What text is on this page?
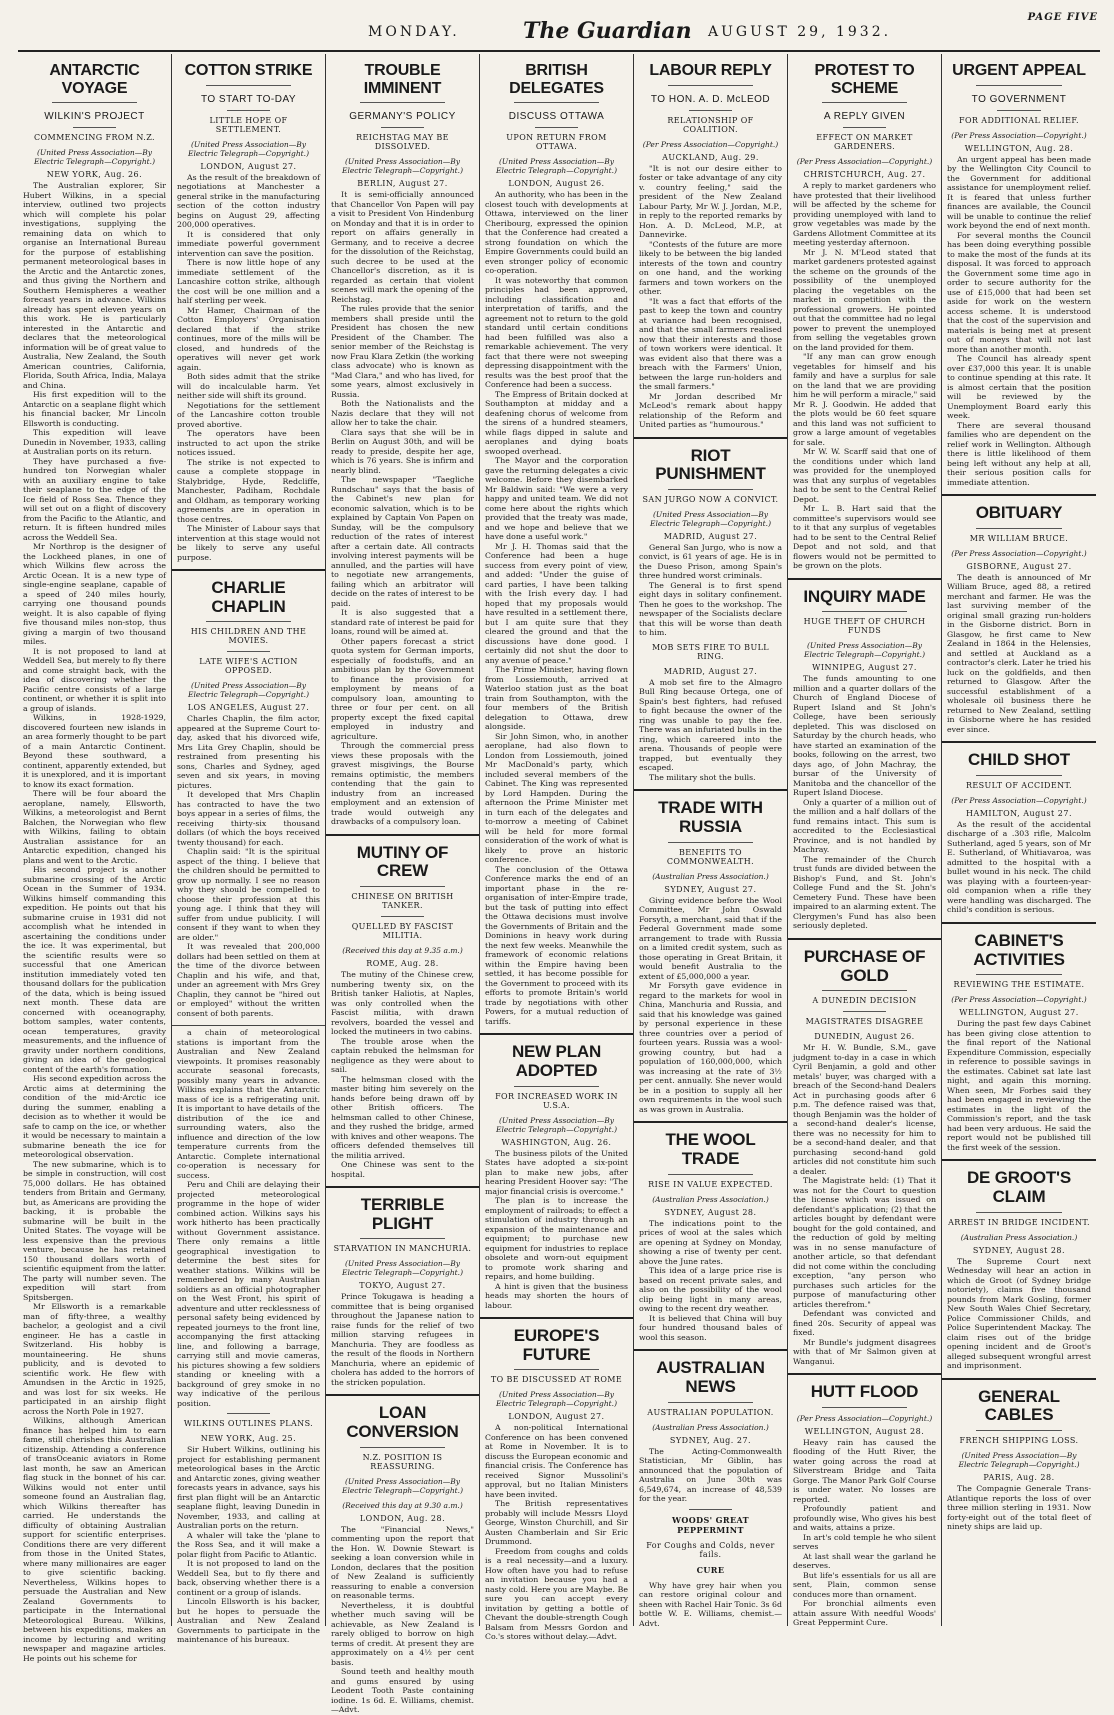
MONDAY.	The Guardian AUGUST 29, 1932.
PAGE FIVE
ANTARCTIC VOYAGE
WILKIN'S PROJECT
COMMENCING FROM N.Z.
(United Press Association—By Electric Telegraph—Copyright.)
NEW YORK, Aug. 26.

The Australian explorer, Sir Hubert Wilkins, in a special interview, outlined two projects which will complete his polar investigations, supplying the remaining data on which to organise an International Bureau for the purpose of establishing permanent meteorological bases in the Arctic and the Antarctic zones, and thus giving the Northern and Southern Hemispheres a weather forecast years in advance. Wilkins already has spent eleven years on this work. He is particularly interested in the Antarctic and declares that the meteorological information will be of great value to Australia, New Zealand, the South American countries, California, Florida, South Africa, India, Malaya and China.

His first expedition will to the Antarctic on a seaplane flight which his financial backer, Mr Lincoln Ellsworth is conducting.

This expedition will leave Dunedin in November, 1933, calling at Australian ports on its return.

They have purchased a five-hundred ton Norwegian whaler with an auxiliary engine to take their seaplane to the edge of the Ice field of Ross Sea. Thence they will set out on a flight of discovery from the Pacific to the Atlantic, and return. It is fifteen hundred miles across the Weddell Sea.

Mr Northrop is the designer of the Lockheed planes, in one of which Wilkins flew across the Arctic Ocean. It is a new type of single-engine seaplane, capable of a speed of 240 miles hourly, carrying one thousand pounds weight. It is also capable of flying five thousand miles non-stop, thus giving a margin of two thousand miles.

It is not proposed to land at Weddell Sea, but merely to fly there and come straight back, with the idea of discovering whether the Pacific centre consists of a large continent, or whether it is split into a group of islands.

Wilkins, in 1928-1929, discovered fourteen new islands in an area formerly thought to be part of a main Antarctic Continent. Beyond these southward, a continent, apparently extended, but it is unexplored, and it is important to know its exact formation.

There will be four aboard the aeroplane, namely, Ellsworth, Wilkins, a meteorologist and Bernt Balchen, the Norwegian who flew with Wilkins, failing to obtain Australian assistance for an Antarctic expedition, changed his plans and went to the Arctic.

His second project is another submarine crossing of the Arctic Ocean in the Summer of 1934. Wilkins himself commanding this expedition. He points out that his submarine cruise in 1931 did not accomplish what he intended in ascertaining the conditions under the ice. It was experimental, but the scientific results were so successful that one American institution immediately voted ten thousand dollars for the publication of the data, which is being issued next month. These data are concerned with oceanography, bottom samples, water contents, ocean temperatures, gravity measurements, and the influence of gravity under northern conditions, giving an idea of the geological content of the earth's formation.

His second expedition across the Arctic aims at determining the condition of the mid-Arctic ice during the summer, enabling a decision as to whether it would be safe to camp on the ice, or whether it would be necessary to maintain a submarine beneath the ice for meteorological observation.

The new submarine, which is to be simple in construction, will cost 75,000 dollars. He has obtained tenders from Britain and Germany, but, as Americans are providing the backing, it is probable the submarine will be built in the United States. The voyage will be less expensive than the previous venture, because he has retained 150 thousand dollars worth of scientific equipment from the latter. The party will number seven. The expedition will start from Spitsbergen.

Mr Ellsworth is a remarkable man of fifty-three, a wealthy bachelor, a geologist and a civil engineer. He has a castle in Switzerland. His hobby is mountaineering. He shuns publicity, and is devoted to scientific work. He flew with Amundsen in the Arctic in 1925, and was lost for six weeks. He participated in an airship flight across the North Pole in 1927.

Wilkins, although American finance has helped him to earn fame, still cherishes this Australian citizenship. Attending a conference of transOceanic aviators in Rome last month, he saw an American flag stuck in the bonnet of his car. Wilkins would not enter until someone found an Australian flag, which Wilkins thereafter has carried. He understands the difficulty of obtaining Australian support for scientific enterprises. Conditions there are very different from those in the United States, where many millionaires are eager to give scientific backing. Nevertheless, Wilkins hopes to persuade the Australian and New Zealand Governments to participate in the International Meteorological Bureau. Wilkins, between his expeditions, makes an income by lecturing and writing newspaper and magazine articles. He points out his scheme for

COTTON STRIKE
TO START TO-DAY
LITTLE HOPE OF SETTLEMENT.
(United Press Association—By Electric Telegraph—Copyright.)
LONDON, August 27.

As the result of the breakdown of negotiations at Manchester a general strike in the manufacturing section of the cotton industry begins on August 29, affecting 200,000 operatives.

It is considered that only immediate powerful government intervention can save the position.

There is now little hope of any immediate settlement of the Lancashire cotton strike, although the cost will be one million and a half sterling per week.

Mr Hamer, Chairman of the Cotton Employers' Organisation declared that if the strike continues, more of the mills will be closed, and hundreds of the operatives will never get work again.

Both sides admit that the strike will do incalculable harm. Yet neither side will shift its ground.

Negotiations for the settlement of the Lancashire cotton trouble proved abortive.

The operators have been instructed to act upon the strike notices issued.

The strike is not expected to cause a complete stoppage in Stalybridge, Hyde, Redcliffe, Manchester, Padiham, Rochdale and Oldham, as temporary working agreements are in operation in those centres.

The Minister of Labour says that intervention at this stage would not be likely to serve any useful purpose.

CHARLIE CHAPLIN
HIS CHILDREN AND THE MOVIES.
LATE WIFE'S ACTION OPPOSED.
(United Press Association—By Electric Telegraph—Copyright.)
LOS ANGELES, August 27.

Charles Chaplin, the film actor, appeared at the Supreme Court to-day, asked that his divorced wife, Mrs Lita Grey Chaplin, should be restrained from presenting his sons, Charles and Sydney, aged seven and six years, in moving pictures.

It developed that Mrs Chaplin has contracted to have the two boys appear in a series of films, the receiving thirty-six thousand dollars (of which the boys received twenty thousand) for each.

Chaplin said: "It is the spiritual aspect of the thing. I believe that the children should be permitted to grow up normally. I see no reason why they should be compelled to choose their profession at this young age. I think that they will suffer from undue publicity. I will consent if they want to when they are older."

It was revealed that 200,000 dollars had been settled on them at the time of the divorce between Chaplin and his wife, and that, under an agreement with Mrs Grey Chaplin, they cannot be "hired out or employed" without the written consent of both parents.

a chain of meteorological stations is important from the Australian and New Zealand viewpoints. It promises reasonably accurate seasonal forecasts, possibly many years in advance. Wilkins explains that the Antarctic mass of ice is a refrigerating unit. It is important to have details of the distribution of the ice and surrounding waters, also the influence and direction of the low temperature currents from the Antarctic. Complete international co-operation is necessary for success.

Peru and Chili are delaying their projected meteorological programme in the hope of wider combined action. Wilkins says his work hitherto has been practically without Government assistance. There only remains a little geographical investigation to determine the best sites for weather stations. Wilkins will be remembered by many Australian soldiers as an official photographer on the West Front, his spirit of adventure and utter recklessness of personal safety being evidenced by repeated journeys to the front line, accompanying the first attacking line, and following a barrage, carrying still and movie cameras, his pictures showing a few soldiers standing or kneeling with a background of grey smoke in no way indicative of the perilous position.

WILKINS OUTLINES PLANS.
NEW YORK, Aug. 25.

Sir Hubert Wilkins, outlining his project for establishing permanent meteorological bases in the Arctic and Antarctic zones, giving weather forecasts years in advance, says his first plan flight will be an Antarctic seaplane flight, leaving Dunedin in November, 1933, and calling at Australian ports on the return.

A whaler will take the 'plane to the Ross Sea, and it will make a polar flight from Pacific to Atlantic.

It is not proposed to land on the Weddell Sea, but to fly there and back, observing whether there is a continent or a group of islands.

Lincoln Ellsworth is his backer, but he hopes to persuade the Australian and New Zealand Governments to participate in the maintenance of his bureaux.

TROUBLE IMMINENT
GERMANY'S POLICY
REICHSTAG MAY BE DISSOLVED.
(United Press Association—By Electric Telegraph—Copyright.)
BERLIN, August 27.

It is semi-officially announced that Chancellor Von Papen will pay a visit to President Von Hindenburg on Monday and that it is in order to report on affairs generally in Germany, and to receive a decree for the dissolution of the Reichstag, such decree to be used at the Chancellor's discretion, as it is regarded as certain that violent scenes will mark the opening of the Reichstag.

The rules provide that the senior members shall preside until the President has chosen the new President of the Chamber. The senior member of the Reichstag is now Frau Klara Zetkin (the working class advocate) who is known as "Mad Clara," and who has lived, for some years, almost exclusively in Russia.

Both the Nationalists and the Nazis declare that they will not allow her to take the chair.

Clara says that she will be in Berlin on August 30th, and will be ready to preside, despite her age, which is 76 years. She is infirm and nearly blind.

The newspaper "Taegliche Rundschau" says that the basis of the Cabinet's new plan for economic salvation, which is to be explained by Captain Von Papen on Sunday, will be the compulsory reduction of the rates of interest after a certain date. All contracts involving interest payments will be annulled, and the parties will have to negotiate new arrangements, failing which an arbitrator will decide on the rates of interest to be paid.

It is also suggested that a standard rate of interest be paid for loans, round will be aimed at.

Other papers forecast a strict quota system for German imports, especially of foodstuffs, and an ambitious plan by the Government to finance the provision for employment by means of a compulsory loan, amounting to three or four per cent. on all property except the fixed capital employed in industry and agriculture.

Through the commercial press views these proposals with the gravest misgivings, the Bourse remains optimistic, the members contending that the gain to industry from an increased employment and an extension of trade would outweigh any drawbacks of a compulsory loan.

MUTINY OF CREW
CHINESE ON BRITISH TANKER.
QUELLED BY FASCIST MILITIA.
(Received this day at 9.35 a.m.)
ROME, Aug. 28.

The mutiny of the Chinese crew, numbering twenty six, on the British tanker Haliotis, at Naples, was only controlled when the Fascist militia, with drawn revolvers, boarded the vessel and locked the mutineers in two cabins.

The trouble arose when the captain rebuked the helmsman for negligence as they were about to sail.

The helmsman closed with the master biting him severely on the hands before being drawn off by other British officers. The helmsman called to other Chinese, and they rushed the bridge, armed with knives and other weapons. The officers defended themselves till the militia arrived.

One Chinese was sent to the hospital.

TERRIBLE PLIGHT
STARVATION IN MANCHURIA.
(United Press Association—By Electric Telegraph—Copyright.)
TOKYO, August 27.

Prince Tokugawa is heading a committee that is being organised throughout the Japanese nation to raise funds for the relief of two million starving refugees in Manchuria. They are foodless as the result of the floods in Northern Manchuria, where an epidemic of cholera has added to the horrors of the stricken population.

LOAN CONVERSION
N.Z. POSITION IS REASSURING.
(United Press Association—By Electric Telegraph—Copyright.)
(Received this day at 9.30 a.m.)
LONDON, Aug. 28.

The "Financial News," commenting upon the report that the Hon. W. Downie Stewart is seeking a loan conversion while in London, declares that the position of New Zealand is sufficiently reassuring to enable a conversion on reasonable terms.

Nevertheless, it is doubtful whether much saving will be achievable, as New Zealand is rarely obliged to borrow on high terms of credit. At present they are approximately on a 4½ per cent basis.

Sound teeth and healthy mouth and gums ensured by using Leodent Tooth Paste containing iodine. 1s 6d. E. Williams, chemist.—Advt.

BRITISH DELEGATES
DISCUSS OTTAWA
UPON RETURN FROM OTTAWA.
(United Press Association—By Electric Telegraph—Copyright.)
LONDON, August 26.

An authority, who has been in the closest touch with developments at Ottawa, interviewed on the liner Cheribourg, expressed the opinion that the Conference had created a strong foundation on which the Empire Governments could build an even stronger policy of economic co-operation.

It was noteworthy that common principles had been approved, including classification and interpretation of tariffs, and the agreement not to return to the gold standard until certain conditions had been fulfilled was also a remarkable achievement. The very fact that there were not sweeping depressing disappointment with the results was the best proof that the Conference had been a success.

The Empress of Britain docked at Southampton at midday and a deafening chorus of welcome from the sirens of a hundred steamers, while flags dipped in salute and aeroplanes and dying boats swooped overhead.

The Mayor and the corporation gave the returning delegates a civic welcome. Before they disembarked Mr Baldwin said: "We were a very happy and united team. We did not come here about the rights which provided that the treaty was made, and we hope and believe that we have done a useful work."

Mr J. H. Thomas said that the Conference had been a huge success from every point of view, and added: "Under the guise of card parties, I have been talking with the Irish every day. I had hoped that my proposals would have resulted in a settlement there, but I am quite sure that they cleared the ground and that the discussions have done good. I certainly did not shut the door to any avenue of peace."

The Prime Minister, having flown from Lossiemouth, arrived at Waterloo station just as the boat train from Southampton, with the four members of the British delegation to Ottawa, drew alongside.

Sir John Simon, who, in another aeroplane, had also flown to London from Lossiemouth, joined Mr MacDonald's party, which included several members of the Cabinet. The King was represented by Lord Hampden. During the afternoon the Prime Minister met in turn each of the delegates and to-morrow a meeting of Cabinet will be held for more formal consideration of the work of what is likely to prove an historic conference.

The conclusion of the Ottawa Conference marks the end of an important phase in the re-organisation of inter-Empire trade, but the task of putting into effect the Ottawa decisions must involve the Governments of Britain and the Dominions in heavy work during the next few weeks. Meanwhile the framework of economic relations within the Empire having been settled, it has become possible for the Government to proceed with its efforts to promote Britain's world trade by negotiations with other Powers, for a mutual reduction of tariffs.

NEW PLAN ADOPTED
FOR INCREASED WORK IN U.S.A.
(United Press Association—By Electric Telegraph—Copyright.)
WASHINGTON, Aug. 26.

The business pilots of the United States have adopted a six-point plan to make new jobs, after hearing President Hoover say: "The major financial crisis is overcome."

The plan is to increase the employment of railroads; to effect a stimulation of industry through an expansion of the maintenance and equipment; to purchase new equipment for industries to replace obsolete and worn-out equipment to promote work sharing and repairs, and home building.

A hint is given that the business heads may shorten the hours of labour.

EUROPE'S FUTURE
TO BE DISCUSSED AT ROME
(United Press Association—By Electric Telegraph—Copyright.)
LONDON, August 27.

A non-political International Conference on has been convened at Rome in November. It is to discuss the European economic and financial crisis. The Conference has received Signor Mussolini's approval, but no Italian Ministers have been invited.

The British representatives probably will include Messrs Lloyd George, Winston Churchill, and Sir Austen Chamberlain and Sir Eric Drummond.

Freedom from coughs and colds is a real necessity—and a luxury. How often have you had to refuse an invitation because you had a nasty cold. Here you are Maybe. Be sure you can accept every invitation by getting a bottle of Chevant the double-strength Cough Balsam from Messrs Gordon and Co.'s stores without delay.—Advt.

LABOUR REPLY
TO HON. A. D. McLEOD
RELATIONSHIP OF COALITION.
(Per Press Association—Copyright.)
AUCKLAND, Aug. 29.

"It is not our desire either to foster or take advantage of any city v. country feeling," said the president of the New Zealand Labour Party, Mr W. J. Jordan, M.P., in reply to the reported remarks by Hon. A. D. McLeod, M.P., at Dannevirke.

"Contests of the future are more likely to be between the big landed interests of the town and country on one hand, and the working farmers and town workers on the other.

"It was a fact that efforts of the past to keep the town and country at variance had been recognised, and that the small farmers realised now that their interests and those of town workers were identical. It was evident also that there was a breach with the Farmers' Union, between the large run-holders and the small farmers."

Mr Jordan described Mr McLeod's remark about happy relationship of the Reform and United parties as "humourous."

RIOT PUNISHMENT
SAN JURGO NOW A CONVICT.
(United Press Association—By Electric Telegraph—Copyright.)
MADRID, August 27.

General San Jurgo, who is now a convict, is 61 years of age. He is in the Dueso Prison, among Spain's three hundred worst criminals.

The General is to first spend eight days in solitary confinement. Then he goes to the workshop. The newspaper of the Socialists declare that this will be worse than death to him.

MOB SETS FIRE TO BULL RING.
MADRID, August 27.

A mob set fire to the Almagro Bull Ring because Ortega, one of Spain's best fighters, had refused to fight because the owner of the ring was unable to pay the fee. There was an infuriated bulls in the ring, which careered into the arena. Thousands of people were trapped, but eventually they escaped.

The military shot the bulls.

TRADE WITH RUSSIA
BENEFITS TO COMMONWEALTH.
(Australian Press Association.)
SYDNEY, August 27.

Giving evidence before the Wool Committee, Mr John Oswald Forsyth, a merchant, said that if the Federal Government made some arrangement to trade with Russia on a limited credit system, such as those operating in Great Britain, it would benefit Australia to the extent of £5,000,000 a year.

Mr Forsyth gave evidence in regard to the markets for wool in China, Manchuria and Russia, and said that his knowledge was gained by personal experience in these three countries over a period of fourteen years. Russia was a wool-growing country, but had a population of 160,000,000, which was increasing at the rate of 3½ per cent. annually. She never would be in a position to supply all her own requirements in the wool such as was grown in Australia.

THE WOOL TRADE
RISE IN VALUE EXPECTED.
(Australian Press Association.)
SYDNEY, August 28.

The indications point to the prices of wool at the sales which are opening at Sydney on Monday, showing a rise of twenty per cent. above the June rates.

This idea of a large price rise is based on recent private sales, and also on the possibility of the wool clip being light in many areas, owing to the recent dry weather.

It is believed that China will buy four hundred thousand bales of wool this season.

AUSTRALIAN NEWS
AUSTRALIAN POPULATION.
(Australian Press Association.)
SYDNEY, Aug. 27.

The Acting-Commonwealth Statistician, Mr Giblin, has announced that the population of Australia on June 30th was 6,549,674, an increase of 48,539 for the year.

WOODS' GREAT PEPPERMINT
For Coughs and Colds, never fails.
CURE

Why have grey hair when you can restore original colour and sheen with Rachel Hair Tonic. 3s 6d bottle W. E. Williams, chemist.—Advt.

PROTEST TO SCHEME
A REPLY GIVEN
EFFECT ON MARKET GARDENERS.
(Per Press Association—Copyright.)
CHRISTCHURCH, Aug. 27.

A reply to market gardeners who have protested that their livelihood will be affected by the scheme for providing unemployed with land to grow vegetables was made by the Gardens Allotment Committee at its meeting yesterday afternoon.

Mr J. N. M'Leod stated that market gardeners protested against the scheme on the grounds of the possibility of the unemployed placing the vegetables on the market in competition with the professional growers. He pointed out that the committee had no legal power to prevent the unemployed from selling the vegetables grown on the land provided for them.

"If any man can grow enough vegetables for himself and his family and have a surplus for sale on the land that we are providing him he will perform a miracle," said Mr R. J. Goodwin. He added that the plots would be 60 feet square and this land was not sufficient to grow a large amount of vegetables for sale.

Mr W. W. Scarff said that one of the conditions under which land was provided for the unemployed was that any surplus of vegetables had to be sent to the Central Relief Depot.

Mr L. B. Hart said that the committee's supervisors would see to it that any surplus of vegetables had to be sent to the Central Relief Depot and not sold, and that flowers would not be permitted to be grown on the plots.

INQUIRY MADE
HUGE THEFT OF CHURCH FUNDS
(United Press Association—By Electric Telegraph—Copyright.)
WINNIPEG, August 27.

The funds amounting to one million and a quarter dollars of the Church of England Diocese of Rupert Island and St John's College, have been seriously depleted. This was disclosed on Saturday by the church heads, who have started an examination of the books, following on the arrest, two days ago, of John Machray, the bursar of the University of Manitoba and the chancellor of the Rupert Island Diocese.

Only a quarter of a million out of the million and a half dollars of the fund remains intact. This sum is accredited to the Ecclesiastical Province, and is not handled by Machray.

The remainder of the Church trust funds are divided between the Bishop's Fund, and St. John's College Fund and the St. John's Cemetery Fund. These have been impaired to an alarming extent. The Clergymen's Fund has also been seriously depleted.

PURCHASE OF GOLD
A DUNEDIN DECISION
MAGISTRATES DISAGREE
DUNEDIN, August 26.

Mr H. W. Bundle, S.M., gave judgment to-day in a case in which Cyril Benjamin, a gold and other metals' buyer, was charged with a breach of the Second-hand Dealers Act in purchasing goods after 6 p.m. The defence raised was that, though Benjamin was the holder of a second-hand dealer's license, there was no necessity for him to be a second-hand dealer, and that purchasing second-hand gold articles did not constitute him such a dealer.

The Magistrate held: (1) That it was not for the Court to question the license which was issued on defendant's application; (2) that the articles bought by defendant were bought for the gold contained, and the reduction of gold by melting was in no sense manufacture of another article, so that defendant did not come within the concluding exception, "any person who purchases such articles for the purpose of manufacturing other articles therefrom."

Defendant was convicted and fined 20s. Security of appeal was fixed.

Mr Bundle's judgment disagrees with that of Mr Salmon given at Wanganui.

HUTT FLOOD
(Per Press Association—Copyright.)
WELLINGTON, August 28.

Heavy rain has caused the flooding of the Hutt River, the water going across the road at Silverstream Bridge and Taita Gorge. The Manor Park Golf Course is under water. No losses are reported.

Profoundly patient and profoundly wise, Who gives his best and waits, attains a prize.

In art's cold temple he who silent serves

At last shall wear the garland he deserves.

But life's essentials for us all are sent, Plain, common sense conduces more than ornament.

For bronchial ailments even attain assure With needful Woods' Great Peppermint Cure.

URGENT APPEAL
TO GOVERNMENT
FOR ADDITIONAL RELIEF.
(Per Press Association—Copyright.)
WELLINGTON, Aug. 28.

An urgent appeal has been made by the Wellington City Council to the Government for additional assistance for unemployment relief. It is feared that unless further finances are available, the Council will be unable to continue the relief work beyond the end of next month.

For several months the Council has been doing everything possible to make the most of the funds at its disposal. It was forced to approach the Government some time ago in order to secure authority for the use of £15,000 that had been set aside for work on the western access scheme. It is understood that the cost of the supervision and materials is being met at present out of moneys that will not last more than another month.

The Council has already spent over £37,000 this year. It is unable to continue spending at this rate. It is almost certain that the position will be reviewed by the Unemployment Board early this week.

There are several thousand families who are dependent on the relief work in Wellington. Although there is little likelihood of them being left without any help at all, their serious position calls for immediate attention.

OBITUARY
MR WILLIAM BRUCE.
(Per Press Association—Copyright.)
GISBORNE, August 27.

The death is announced of Mr William Bruce, aged 88, a retired merchant and farmer. He was the last surviving member of the original small grazing run-holders in the Gisborne district. Born in Glasgow, he first came to New Zealand in 1864 in the Helensies, and settled at Auckland as a contractor's clerk. Later he tried his luck on the goldfields, and then returned to Glasgow. After the successful establishment of a wholesale oil business there he returned to New Zealand, settling in Gisborne where he has resided ever since.

CHILD SHOT
RESULT OF ACCIDENT.
(Per Press Association—Copyright.)
HAMILTON, August 27.

As the result of the accidental discharge of a .303 rifle, Malcolm Sutherland, aged 5 years, son of Mr E. Sutherland, of Whitiavaroa, was admitted to the hospital with a bullet wound in his neck. The child was playing with a fourteen-year-old companion when a rifle they were handling was discharged. The child's condition is serious.

CABINET'S ACTIVITIES
REVIEWING THE ESTIMATE.
(Per Press Association—Copyright.)
WELLINGTON, August 27.

During the past few days Cabinet has been giving close attention to the final report of the National Expenditure Commission, especially in reference to possible savings in the estimates. Cabinet sat late last night, and again this morning. When seen, Mr Forbes said they had been engaged in reviewing the estimates in the light of the Commission's report, and the task had been very arduous. He said the report would not be published till the first week of the session.

DE GROOT'S CLAIM
ARREST IN BRIDGE INCIDENT.
(Australian Press Association.)
SYDNEY, August 28.

The Supreme Court next Wednesday will hear an action in which de Groot (of Sydney bridge notoriety), claims five thousand pounds from Mark Gosling, former New South Wales Chief Secretary, Police Commissioner Childs, and Police Superintendent Mackay. The claim rises out of the bridge opening incident and de Groot's alleged subsequent wrongful arrest and imprisonment.

GENERAL CABLES
FRENCH SHIPPING LOSS.
(United Press Association—By Electric Telegraph—Copyright.)
PARIS, Aug. 28.

The Compagnie Generale Trans-Atlantique reports the loss of over three million sterling in 1931. Now forty-eight out of the total fleet of ninety ships are laid up.
